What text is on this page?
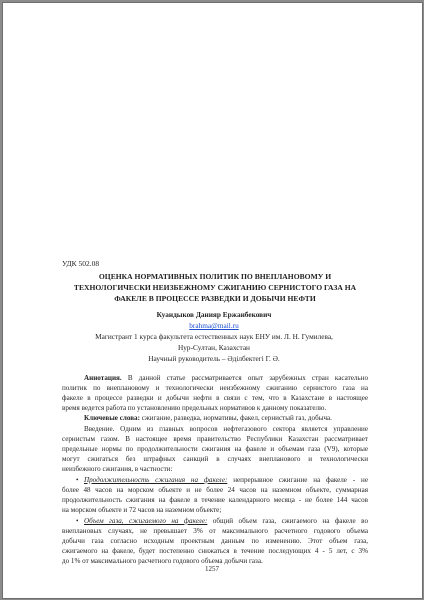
УДК 502.08
ОЦЕНКА НОРМАТИВНЫХ ПОЛИТИК ПО ВНЕПЛАНОВОМУ И
ТЕХНОЛОГИЧЕСКИ НЕИЗБЕЖНОМУ СЖИГАНИЮ СЕРНИСТОГО ГАЗА НА
ФАКЕЛЕ В ПРОЦЕССЕ РАЗВЕДКИ И ДОБЫЧИ НЕФТИ
Куандыков Данияр Ержанбекович
brahma@mail.ru
Магистрант 1 курса факультета естественных наук ЕНУ им. Л. Н. Гумилева,
Нур-Султан, Казахстан
Научный руководитель – Әділбектегі Г. Ә.
Аннотация. В данной статье рассматривается опыт зарубежных стран касательно
политик по внеплановому и технологически неизбежному сжиганию сернистого газа на
факеле в процессе разведки и добычи нефти в связи с тем, что в Казахстане в настоящее
время ведется работа по установлению предельных нормативов к данному показателю.
Ключевые слова: сжигание, разведка, нормативы, факел, сернистый газ, добыча.
Введение. Одним из главных вопросов нефтегазового сектора является управление
сернистым газом. В настоящее время правительство Республики Казахстан рассматривает
предельные нормы по продолжительности сжигания на факеле и объемам газа (V9), которые
могут сжигаться без штрафных санкций в случаях внепланового и технологически
неизбежного сжигания, в частности:
• Продолжительность сжигания на факеле: непрерывное сжигание на факеле - не
более 48 часов на морском объекте и не более 24 часов на наземном объекте, суммарная
продолжительность сжигания на факеле в течение календарного месяца - не более 144 часов
на морском объекте и 72 часов на наземном объекте;
• Объем газа, сжигаемого на факеле: общий объем газа, сжигаемого на факеле во
внеплановых случаях, не превышает 3% от максимального расчетного годового объема
добычи газа согласно исходным проектным данным по изменению. Этот объем газа,
сжигаемого на факеле, будет постепенно снижаться в течение последующих 4 - 5 лет, с 3%
до 1% от максимального расчетного годового объема добычи газа.
1257
